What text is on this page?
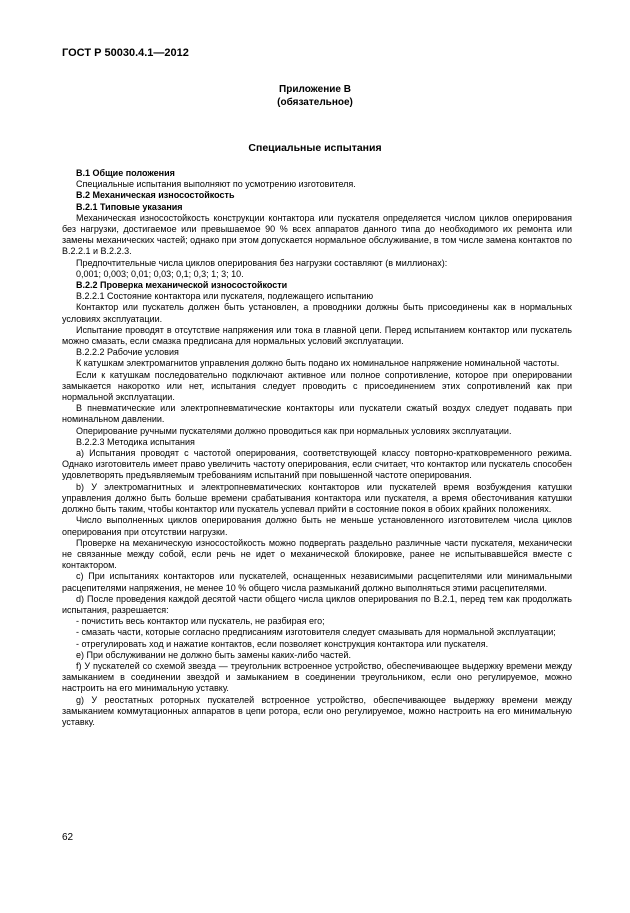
ГОСТ Р 50030.4.1—2012
Приложение В
(обязательное)
Специальные испытания

В.1 Общие положения

Специальные испытания выполняют по усмотрению изготовителя.

В.2 Механическая износостойкость

В.2.1 Типовые указания

Механическая износостойкость конструкции контактора или пускателя определяется числом циклов оперирования без нагрузки, достигаемое или превышаемое 90 % всех аппаратов данного типа до необходимого их ремонта или замены механических частей; однако при этом допускается нормальное обслуживание, в том числе замена контактов по В.2.2.1 и В.2.2.3.

Предпочтительные числа циклов оперирования без нагрузки составляют (в миллионах):

0,001; 0,003; 0,01; 0,03; 0,1; 0,3; 1; 3; 10.

В.2.2 Проверка механической износостойкости

В.2.2.1 Состояние контактора или пускателя, подлежащего испытанию

Контактор или пускатель должен быть установлен, а проводники должны быть присоединены как в нормальных условиях эксплуатации.

Испытание проводят в отсутствие напряжения или тока в главной цепи. Перед испытанием контактор или пускатель можно смазать, если смазка предписана для нормальных условий эксплуатации.

В.2.2.2 Рабочие условия

К катушкам электромагнитов управления должно быть подано их номинальное напряжение номинальной частоты.

Если к катушкам последовательно подключают активное или полное сопротивление, которое при оперировании замыкается накоротко или нет, испытания следует проводить с присоединением этих сопротивлений как при нормальной эксплуатации.

В пневматические или электропневматические контакторы или пускатели сжатый воздух следует подавать при номинальном давлении.

Оперирование ручными пускателями должно проводиться как при нормальных условиях эксплуатации.

В.2.2.3 Методика испытания

а) Испытания проводят с частотой оперирования, соответствующей классу повторно-кратковременного режима. Однако изготовитель имеет право увеличить частоту оперирования, если считает, что контактор или пускатель способен удовлетворять предъявляемым требованиям испытаний при повышенной частоте оперирования.

b) У электромагнитных и электропневматических контакторов или пускателей время возбуждения катушки управления должно быть больше времени срабатывания контактора или пускателя, а время обесточивания катушки должно быть таким, чтобы контактор или пускатель успевал прийти в состояние покоя в обоих крайних положениях.

Число выполненных циклов оперирования должно быть не меньше установленного изготовителем числа циклов оперирования при отсутствии нагрузки.

Проверке на механическую износостойкость можно подвергать раздельно различные части пускателя, механически не связанные между собой, если речь не идет о механической блокировке, ранее не испытывавшейся вместе с контактором.

c) При испытаниях контакторов или пускателей, оснащенных независимыми расцепителями или минимальными расцепителями напряжения, не менее 10 % общего числа размыканий должно выполняться этими расцепителями.

d) После проведения каждой десятой части общего числа циклов оперирования по В.2.1, перед тем как продолжать испытания, разрешается:

- почистить весь контактор или пускатель, не разбирая его;

- смазать части, которые согласно предписаниям изготовителя следует смазывать для нормальной эксплуатации;

- отрегулировать ход и нажатие контактов, если позволяет конструкция контактора или пускателя.

e) При обслуживании не должно быть замены каких-либо частей.

f) У пускателей со схемой звезда — треугольник встроенное устройство, обеспечивающее выдержку времени между замыканием в соединении звездой и замыканием в соединении треугольником, если оно регулируемое, можно настроить на его минимальную уставку.

g) У реостатных роторных пускателей встроенное устройство, обеспечивающее выдержку времени между замыканием коммутационных аппаратов в цепи ротора, если оно регулируемое, можно настроить на его минимальную уставку.

62
